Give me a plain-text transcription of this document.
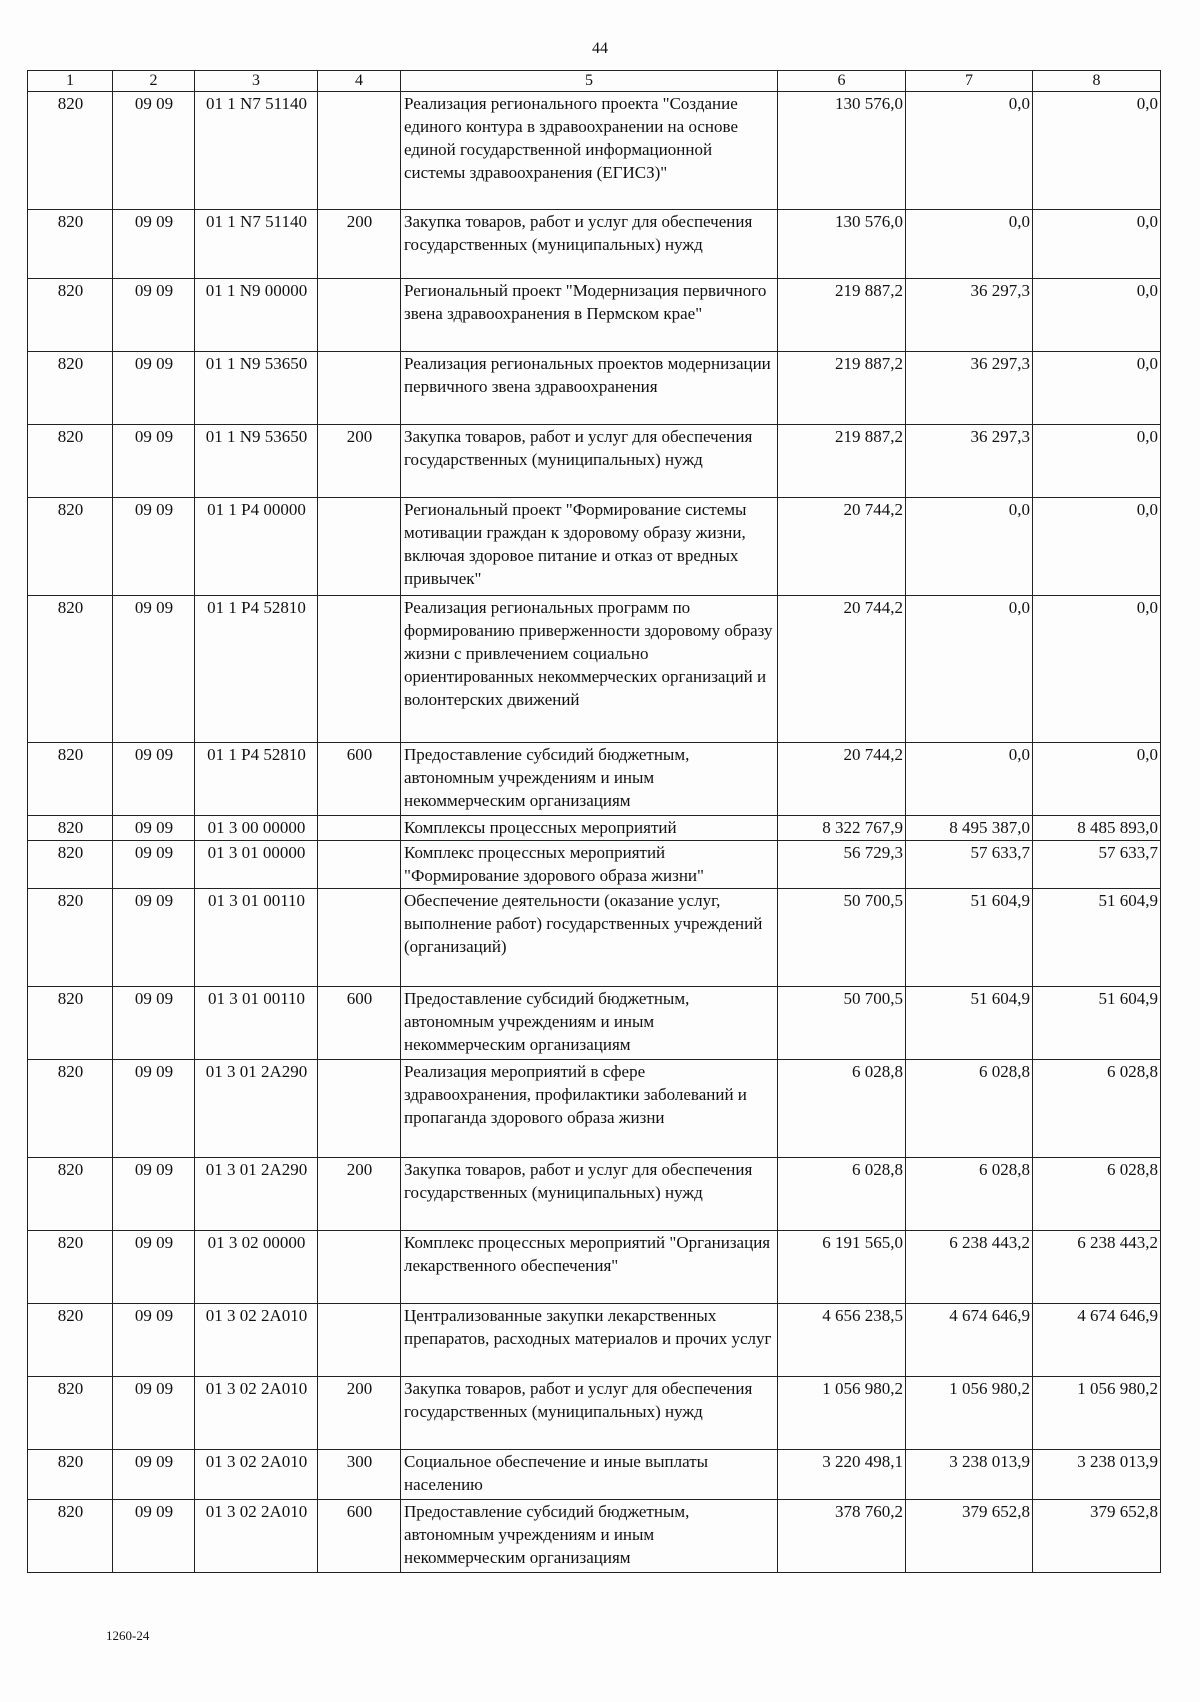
44
1	2	3	4	5	6	7	8
820	09 09	01 1 N7 51140		Реализация регионального проекта "Создание единого контура в здравоохранении на основе единой государственной информационной системы здравоохранения (ЕГИСЗ)"	130 576,0	0,0	0,0
820	09 09	01 1 N7 51140	200	Закупка товаров, работ и услуг для обеспечения государственных (муниципальных) нужд	130 576,0	0,0	0,0
820	09 09	01 1 N9 00000		Региональный проект "Модернизация первичного звена здравоохранения в Пермском крае"	219 887,2	36 297,3	0,0
820	09 09	01 1 N9 53650		Реализация региональных проектов модернизации первичного звена здравоохранения	219 887,2	36 297,3	0,0
820	09 09	01 1 N9 53650	200	Закупка товаров, работ и услуг для обеспечения государственных (муниципальных) нужд	219 887,2	36 297,3	0,0
820	09 09	01 1 P4 00000		Региональный проект "Формирование системы мотивации граждан к здоровому образу жизни, включая здоровое питание и отказ от вредных привычек"	20 744,2	0,0	0,0
820	09 09	01 1 P4 52810		Реализация региональных программ по формированию приверженности здоровому образу жизни с привлечением социально ориентированных некоммерческих организаций и волонтерских движений	20 744,2	0,0	0,0
820	09 09	01 1 P4 52810	600	Предоставление субсидий бюджетным, автономным учреждениям и иным некоммерческим организациям	20 744,2	0,0	0,0
820	09 09	01 3 00 00000		Комплексы процессных мероприятий	8 322 767,9	8 495 387,0	8 485 893,0
820	09 09	01 3 01 00000		Комплекс процессных мероприятий "Формирование здорового образа жизни"	56 729,3	57 633,7	57 633,7
820	09 09	01 3 01 00110		Обеспечение деятельности (оказание услуг, выполнение работ) государственных учреждений (организаций)	50 700,5	51 604,9	51 604,9
820	09 09	01 3 01 00110	600	Предоставление субсидий бюджетным, автономным учреждениям и иным некоммерческим организациям	50 700,5	51 604,9	51 604,9
820	09 09	01 3 01 2A290		Реализация мероприятий в сфере здравоохранения, профилактики заболеваний и пропаганда здорового образа жизни	6 028,8	6 028,8	6 028,8
820	09 09	01 3 01 2A290	200	Закупка товаров, работ и услуг для обеспечения государственных (муниципальных) нужд	6 028,8	6 028,8	6 028,8
820	09 09	01 3 02 00000		Комплекс процессных мероприятий "Организация лекарственного обеспечения"	6 191 565,0	6 238 443,2	6 238 443,2
820	09 09	01 3 02 2A010		Централизованные закупки лекарственных препаратов, расходных материалов и прочих услуг	4 656 238,5	4 674 646,9	4 674 646,9
820	09 09	01 3 02 2A010	200	Закупка товаров, работ и услуг для обеспечения государственных (муниципальных) нужд	1 056 980,2	1 056 980,2	1 056 980,2
820	09 09	01 3 02 2A010	300	Социальное обеспечение и иные выплаты населению	3 220 498,1	3 238 013,9	3 238 013,9
820	09 09	01 3 02 2A010	600	Предоставление субсидий бюджетным, автономным учреждениям и иным некоммерческим организациям	378 760,2	379 652,8	379 652,8
1260-24
